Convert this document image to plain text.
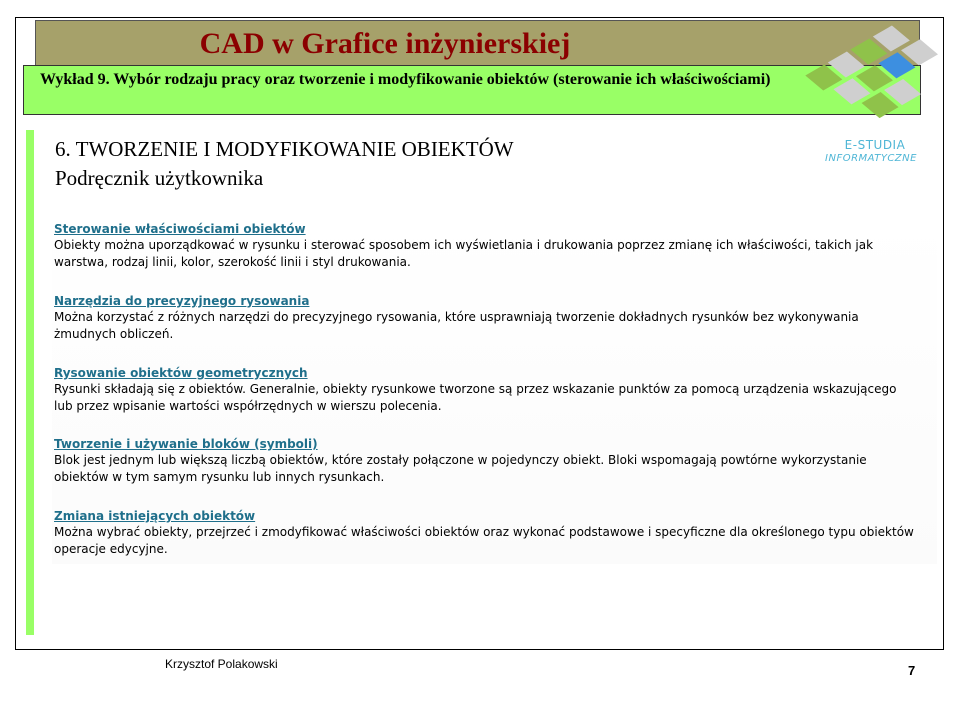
CAD w Grafice inżynierskiej
Wykład 9. Wybór rodzaju pracy oraz tworzenie i modyfikowanie obiektów (sterowanie ich właściwościami)
E-STUDIA
INFORMATYCZNE
6. TWORZENIE I MODYFIKOWANIE OBIEKTÓW
Podręcznik użytkownika
Sterowanie właściwościami obiektów
Obiekty można uporządkować w rysunku i sterować sposobem ich wyświetlania i drukowania poprzez zmianę ich właściwości, takich jak warstwa, rodzaj linii, kolor, szerokość linii i styl drukowania.
Narzędzia do precyzyjnego rysowania
Można korzystać z różnych narzędzi do precyzyjnego rysowania, które usprawniają tworzenie dokładnych rysunków bez wykonywania żmudnych obliczeń.
Rysowanie obiektów geometrycznych
Rysunki składają się z obiektów. Generalnie, obiekty rysunkowe tworzone są przez wskazanie punktów za pomocą urządzenia wskazującego lub przez wpisanie wartości współrzędnych w wierszu polecenia.
Tworzenie i używanie bloków (symboli)
Blok jest jednym lub większą liczbą obiektów, które zostały połączone w pojedynczy obiekt. Bloki wspomagają powtórne wykorzystanie obiektów w tym samym rysunku lub innych rysunkach.
Zmiana istniejących obiektów
Można wybrać obiekty, przejrzeć i zmodyfikować właściwości obiektów oraz wykonać podstawowe i specyficzne dla określonego typu obiektów operacje edycyjne.
Krzysztof Polakowski	7
